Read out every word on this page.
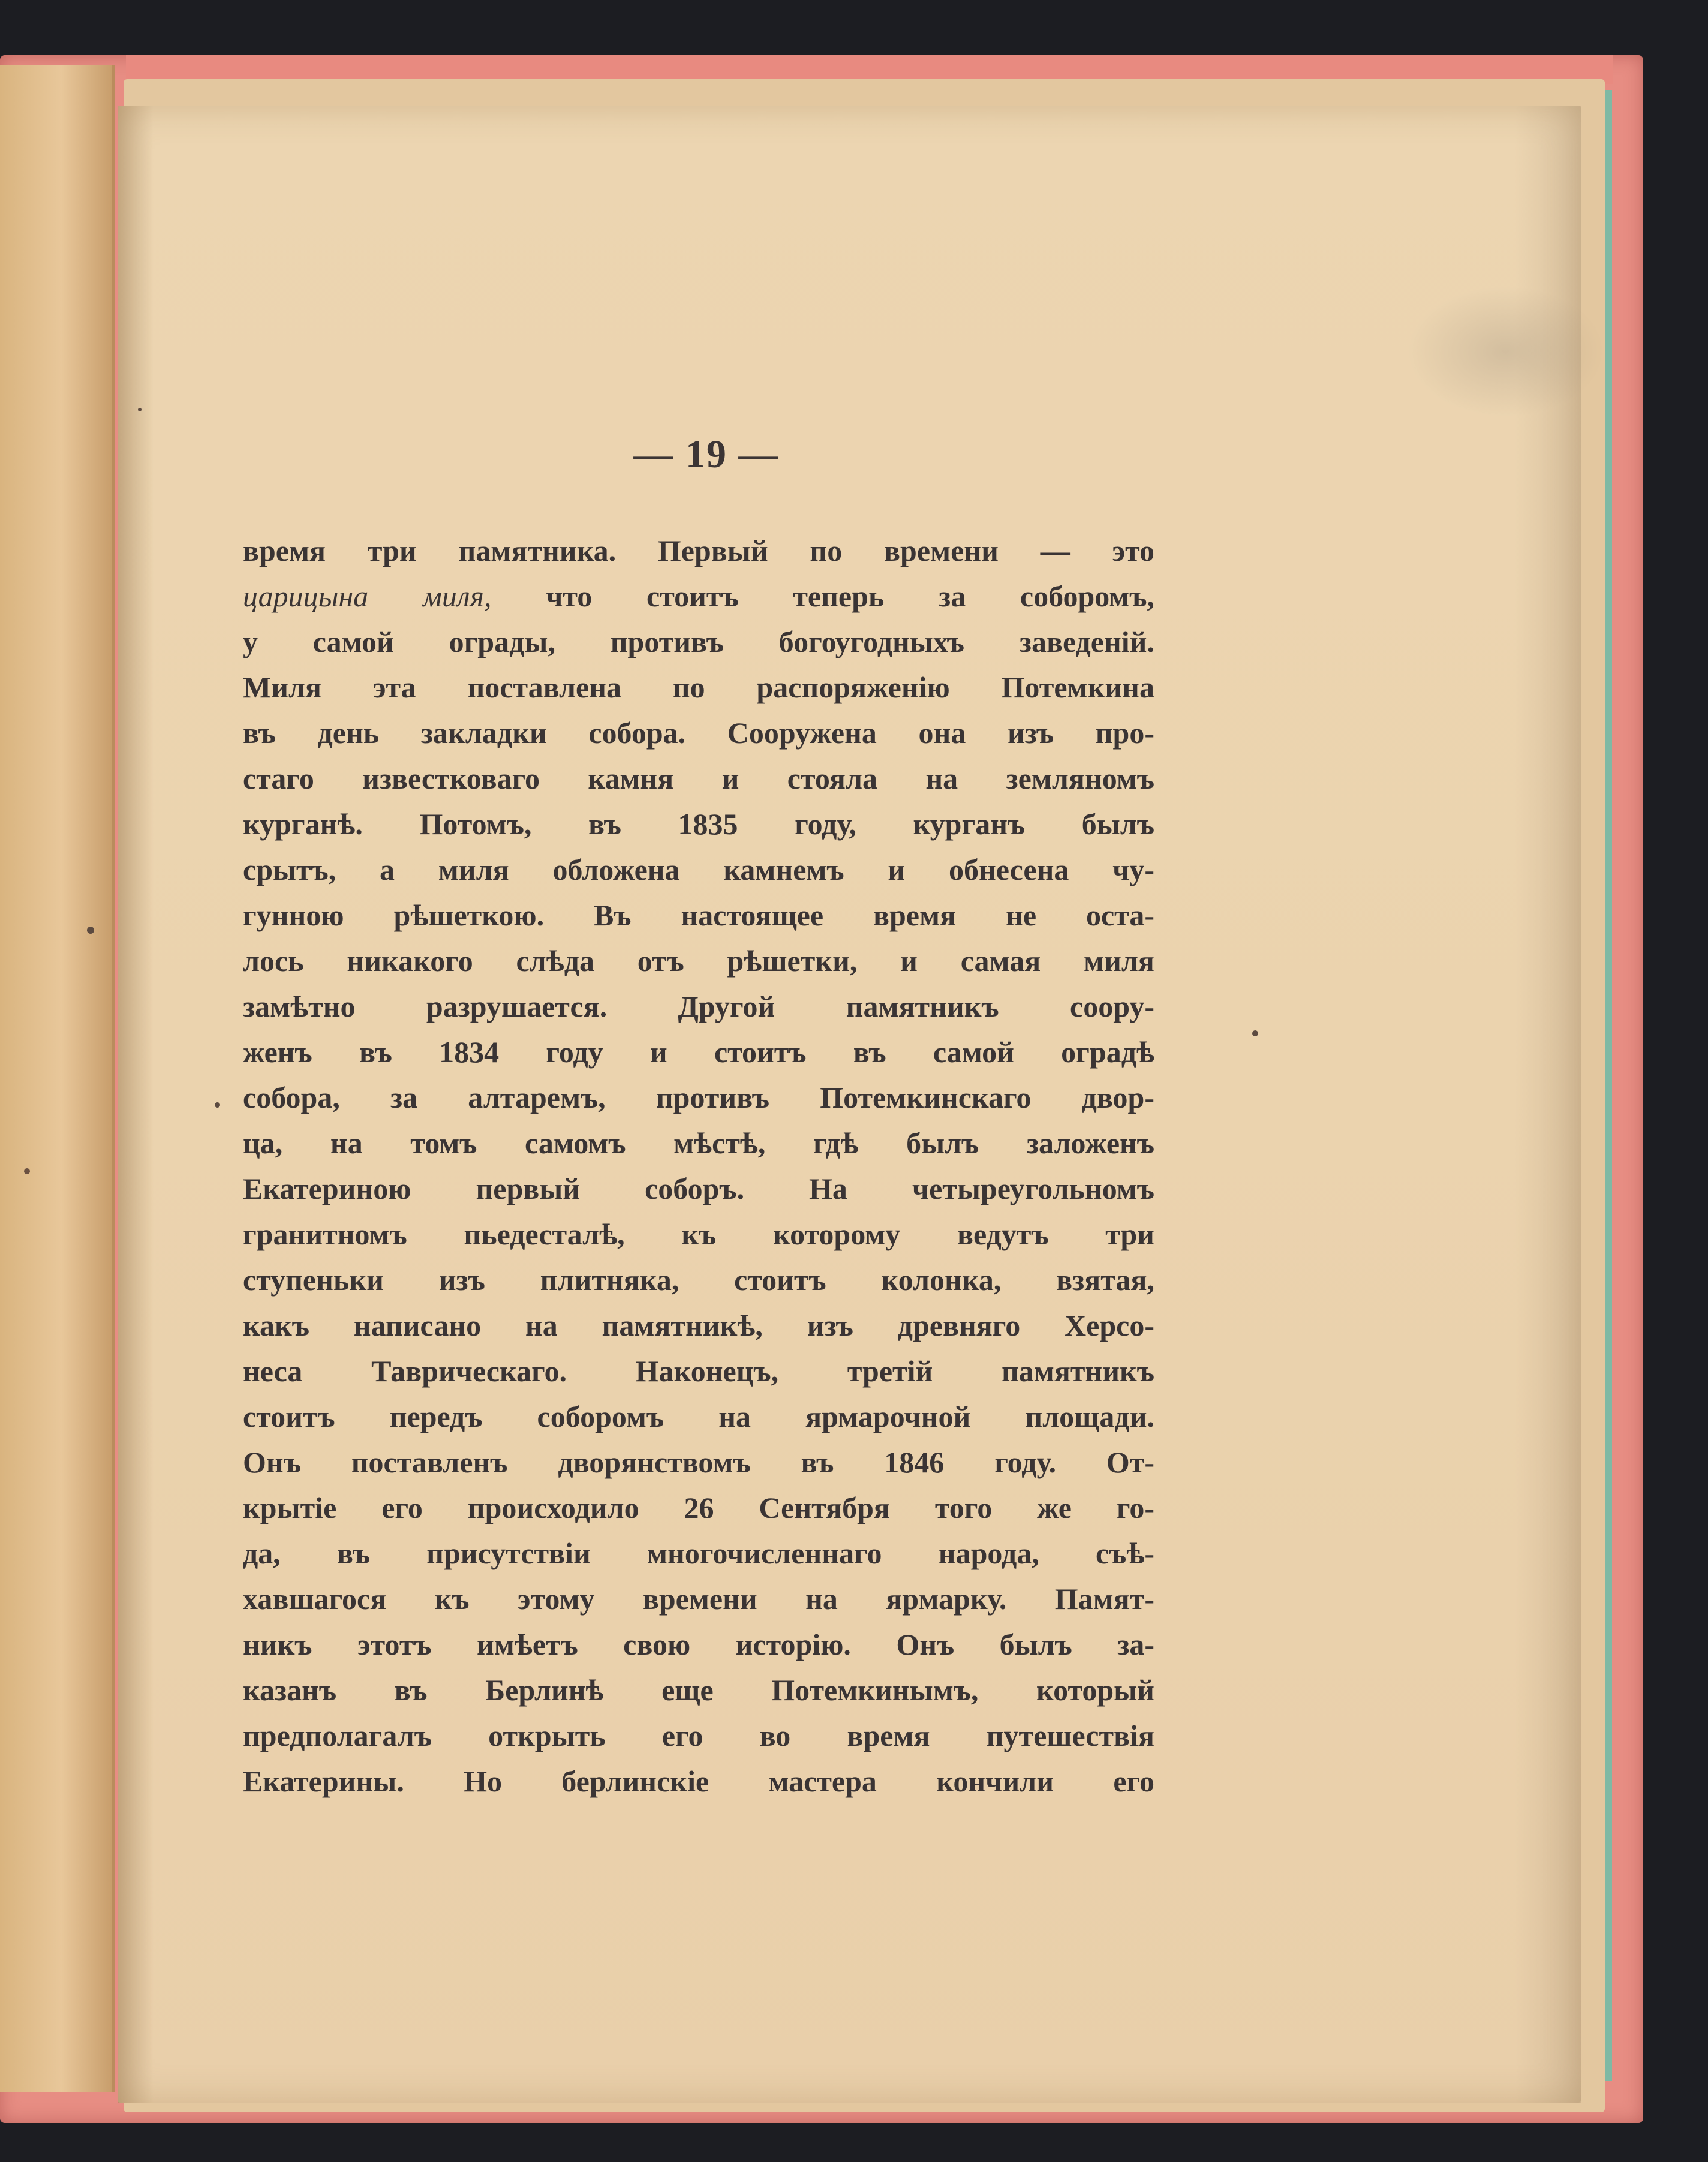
— 19 —
время три памятника. Первый по времени — это
царицына миля, что стоитъ теперь за соборомъ,
у самой ограды, противъ богоугодныхъ заведеній.
Миля эта поставлена по распоряженію Потемкина
въ день закладки собора. Сооружена она изъ про-
стаго известковаго камня и стояла на земляномъ
курганѣ. Потомъ, въ 1835 году, курганъ былъ
срытъ, а миля обложена камнемъ и обнесена чу-
гунною рѣшеткою. Въ настоящее время не оста-
лось никакого слѣда отъ рѣшетки, и самая миля
замѣтно разрушается. Другой памятникъ соору-
женъ въ 1834 году и стоитъ въ самой оградѣ
собора, за алтаремъ, противъ Потемкинскаго двор-
ца, на томъ самомъ мѣстѣ, гдѣ былъ заложенъ
Екатериною первый соборъ. На четыреугольномъ
гранитномъ пьедесталѣ, къ которому ведутъ три
ступеньки изъ плитняка, стоитъ колонка, взятая,
какъ написано на памятникѣ, изъ древняго Херсо-
неса Таврическаго. Наконецъ, третій памятникъ
стоитъ передъ соборомъ на ярмарочной площади.
Онъ поставленъ дворянствомъ въ 1846 году. От-
крытіе его происходило 26 Сентября того же го-
да, въ присутствіи многочисленнаго народа, съѣ-
хавшагося къ этому времени на ярмарку. Памят-
никъ этотъ имѣетъ свою исторію. Онъ былъ за-
казанъ въ Берлинѣ еще Потемкинымъ, который
предполагалъ открыть его во время путешествія
Екатерины. Но берлинскіе мастера кончили его
